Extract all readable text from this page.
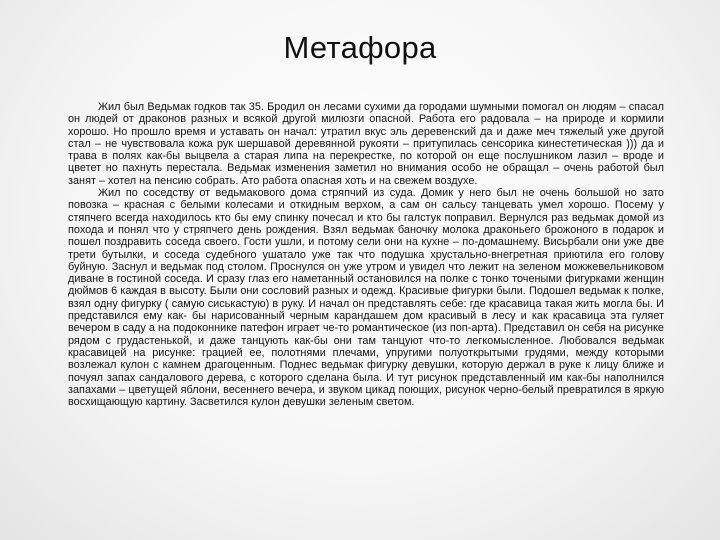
Метафора

Жил был Ведьмак годков так 35. Бродил он лесами сухими да городами шумными помогал он людям – спасал он людей от драконов разных и всякой другой милюзги опасной. Работа его радовала – на природе и кормили хорошо. Но прошло время и уставать он начал: утратил вкус эль деревенский да и даже меч тяжелый уже другой стал – не чувствовала кожа рук шершавой деревянной рукояти – притупилась сенсорика кинестетическая ))) да и трава в полях как-бы выцвела а старая липа на перекрестке, по которой он еще послушником лазил – вроде и цветет но пахнуть перестала. Ведьмак изменения заметил но внимания особо не обращал – очень работой был занят – хотел на пенсию собрать. Ато работа опасная хоть и на свежем воздухе.

Жил по соседству от ведьмакового дома стряпчий из суда. Домик у него был не очень большой но зато повозка – красная с белыми колесами и откидным верхом, а сам он сальсу танцевать умел хорошо. Посему у стяпчего всегда находилось кто бы ему спинку почесал и кто бы галстук поправил. Вернулся раз ведьмак домой из похода и понял что у стряпчего день рождения. Взял ведьмак баночку молока драконьего брожоного в подарок и пошел поздравить соседа своего. Гости ушли, и потому сели они на кухне – по-домашнему. Висьрбали они уже две трети бутылки, и соседа судебного ушатало уже так что подушка хрустально-внегретная приютила его голову буйную. Заснул и ведьмак под столом. Проснулся он уже утром и увидел что лежит на зеленом можжевельниковом диване в гостиной соседа. И сразу глаз его наметанный остановился на полке с тонко точеными фигурками женщин дюймов 6 каждая в высоту. Были они сословий разных и одежд. Красивые фигурки были. Подошел ведьмак к полке, взял одну фигурку ( самую сиськастую) в руку. И начал он представлять себе: где красавица такая жить могла бы. И представился ему как- бы нарисованный черным карандашем дом красивый в лесу и как красавица эта гуляет вечером в саду а на подоконнике патефон играет че-то романтическое (из поп-арта). Представил он себя на рисунке рядом с грудастенькой, и даже танцують как-бы они там танцуют что-то легкомысленное. Любовался ведьмак красавицей на рисунке: грацией ее, полотнями плечами, упругими полуоткрытыми грудями, между которыми возлежал кулон с камнем драгоценным. Поднес ведьмак фигурку девушки, которую держал в руке к лицу ближе и почуял запах сандалового дерева, с которого сделана была. И тут рисунок представленный им как-бы наполнился запахами – цветущей яблони, весеннего вечера, и звуком цикад поющих, рисунок черно-белый превратился в яркую восхищающую картину. Засветился кулон девушки зеленым светом.
